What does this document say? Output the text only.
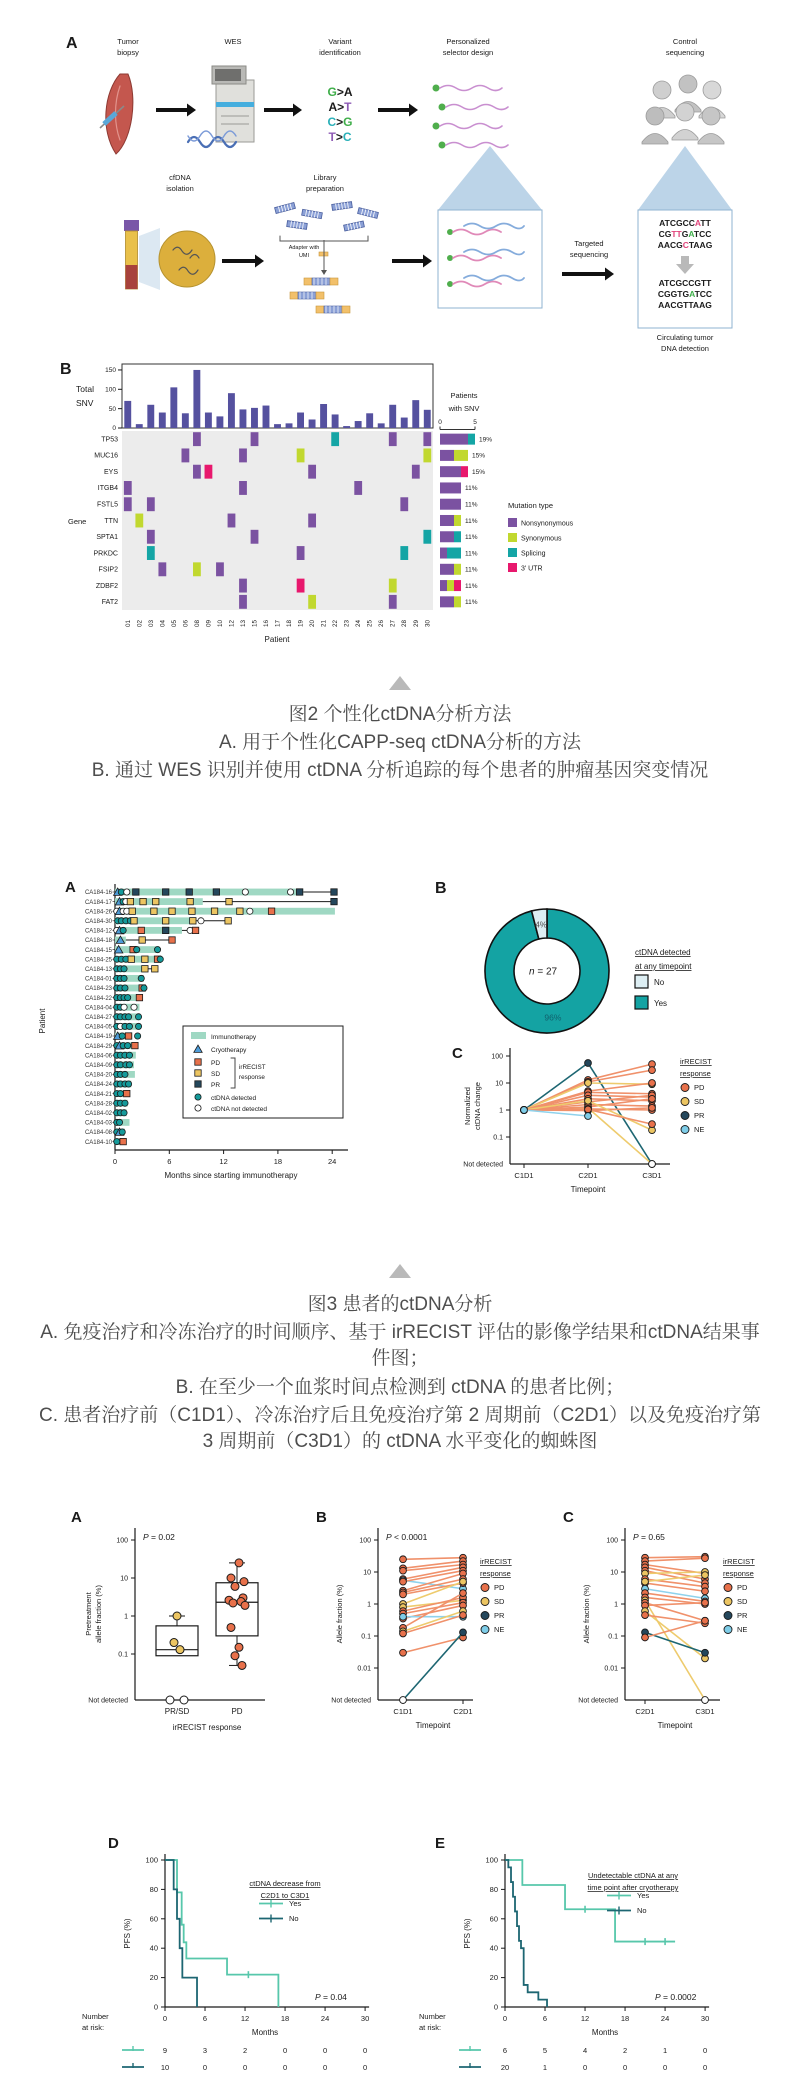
A	Tumor
biopsy
WES	Variant
identification
Personalized
selector design
Control
sequencing
G>A
A>T
C>G
T>C
cfDNA
isolation
Library
preparation
Adapter with
UMI
Targeted
sequencing
ATCGCCATT
CGTTGATCC
AACGCTAAG
ATCGCCGTT
CGGTGATCC
AACGTTAAG
Circulating tumor
DNA detection
B
0
50
100
150
Total
SNV
TP53	19%
MUC16	15%
EYS	15%
ITGB4	11%
FSTL5	11%
TTN	11%
SPTA1	11%
PRKDC	11%
FSIP2	11%
ZDBF2	11%
FAT2	11%
01 02 03 04 05 06 08 09 10 12 13 15 16 17 18 19 20 21 22 23 24 25 26 27 28 29 30
Patient
Gene
Patients
with SNV
0	5
Mutation type
Nonsynonymous
Synonymous
Splicing
3' UTR

图2 个性化ctDNA分析方法

A. 用于个性化CAPP-seq ctDNA分析的方法

B. 通过 WES 识别并使用 ctDNA 分析追踪的每个患者的肿瘤基因突变情况

A
0	6	12	18	24
Months since starting immunotherapy
Patient
CA184-16
CA184-17
CA184-26
CA184-30
CA184-12
CA184-18
CA184-15
CA184-25
CA184-13
CA184-01
CA184-23
CA184-22
CA184-04
CA184-27
CA184-05
CA184-19
CA184-29
CA184-06
CA184-09
CA184-20
CA184-24
CA184-21
CA184-28
CA184-02
CA184-03
CA184-08
CA184-10
Immunotherapy
Cryotherapy
PD
SD
PR
irRECIST
response
ctDNA detected
ctDNA not detected
B
4%
96%
n = 27
ctDNA detected
at any timepoint
No
Yes
C	100
10
1
0.1
Not detected
C1D1	C2D1	C3D1
Timepoint
Normalized ctDNA change
irRECIST
response
PD
SD
PR
NE

图3 患者的ctDNA分析

A. 免疫治疗和冷冻治疗的时间顺序、基于 irRECIST 评估的影像学结果和ctDNA结果事件图；

B. 在至少一个血浆时间点检测到 ctDNA 的患者比例；

C. 患者治疗前（C1D1）、冷冻治疗后且免疫治疗第 2 周期前（C2D1）以及免疫治疗第 3 周期前（C3D1）的 ctDNA 水平变化的蜘蛛图

A
P = 0.02
100
10
1
0.1
Not detected
Pretreatment allele fraction (%)
PR/SD	PD
irRECIST response
B
P < 0.0001
100
10
1
0.1
0.01
Not detected
C1D1	C2D1
Timepoint
Allele fraction (%)
irRECIST
response
PD
SD
PR
NE
C
P = 0.65
100
10
1
0.1
0.01
Not detected
C2D1	C3D1
Timepoint
Allele fraction (%)
irRECIST
response
PD
SD
PR
NE
D
0
20
40
60
80
100
0	6	12	18	24	30
Months
PFS (%)
P = 0.04
ctDNA decrease from
C2D1 to C3D1
Yes
No
Number
at risk:
9	3	2	0	0	0
10	0	0	0	0	0
E
0
20
40
60
80
100
0	6	12	18	24	30
Months
PFS (%)
P = 0.0002
Undetectable ctDNA at any
time point after cryotherapy
Yes
No
Number
at risk:
6	5	4	2	1	0
20	1	0	0	0	0
